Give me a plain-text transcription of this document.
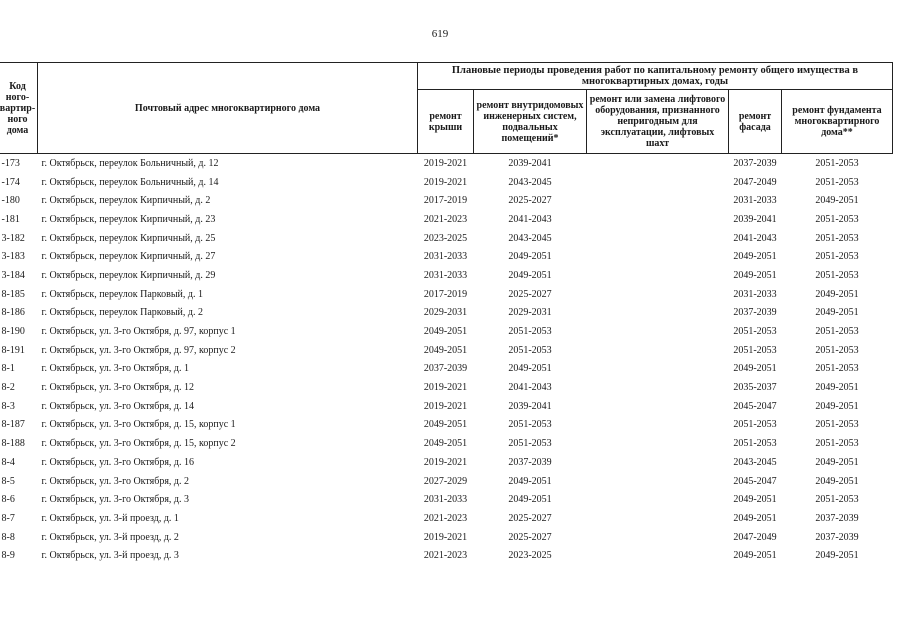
619
Код ного- вартир- ного дома	Почтовый адрес многоквартирного дома	Плановые периоды проведения работ по капитальному ремонту общего имущества в многоквартирных домах, годы				
		ремонт крыши	ремонт внутридомовых инженерных систем, подвальных помещений*	ремонт или замена лифтового оборудования, признанного непригодным для эксплуатации, лифтовых шахт	ремонт фасада	ремонт фундамента многоквартирного дома**
-173	г. Октябрьск, переулок Больничный, д. 12	2019-2021	2039-2041		2037-2039	2051-2053
-174	г. Октябрьск, переулок Больничный, д. 14	2019-2021	2043-2045		2047-2049	2051-2053
-180	г. Октябрьск, переулок Кирпичный, д. 2	2017-2019	2025-2027		2031-2033	2049-2051
-181	г. Октябрьск, переулок Кирпичный, д. 23	2021-2023	2041-2043		2039-2041	2051-2053
3-182	г. Октябрьск, переулок Кирпичный, д. 25	2023-2025	2043-2045		2041-2043	2051-2053
3-183	г. Октябрьск, переулок Кирпичный, д. 27	2031-2033	2049-2051		2049-2051	2051-2053
3-184	г. Октябрьск, переулок Кирпичный, д. 29	2031-2033	2049-2051		2049-2051	2051-2053
8-185	г. Октябрьск, переулок Парковый, д. 1	2017-2019	2025-2027		2031-2033	2049-2051
8-186	г. Октябрьск, переулок Парковый, д. 2	2029-2031	2029-2031		2037-2039	2049-2051
8-190	г. Октябрьск, ул. 3-го Октября, д. 97, корпус 1	2049-2051	2051-2053		2051-2053	2051-2053
8-191	г. Октябрьск, ул. 3-го Октября, д. 97, корпус 2	2049-2051	2051-2053		2051-2053	2051-2053
8-1	г. Октябрьск, ул. 3-го Октября, д. 1	2037-2039	2049-2051		2049-2051	2051-2053
8-2	г. Октябрьск, ул. 3-го Октября, д. 12	2019-2021	2041-2043		2035-2037	2049-2051
8-3	г. Октябрьск, ул. 3-го Октября, д. 14	2019-2021	2039-2041		2045-2047	2049-2051
8-187	г. Октябрьск, ул. 3-го Октября, д. 15, корпус 1	2049-2051	2051-2053		2051-2053	2051-2053
8-188	г. Октябрьск, ул. 3-го Октября, д. 15, корпус 2	2049-2051	2051-2053		2051-2053	2051-2053
8-4	г. Октябрьск, ул. 3-го Октября, д. 16	2019-2021	2037-2039		2043-2045	2049-2051
8-5	г. Октябрьск, ул. 3-го Октября, д. 2	2027-2029	2049-2051		2045-2047	2049-2051
8-6	г. Октябрьск, ул. 3-го Октября, д. 3	2031-2033	2049-2051		2049-2051	2051-2053
8-7	г. Октябрьск, ул. 3-й проезд, д. 1	2021-2023	2025-2027		2049-2051	2037-2039
8-8	г. Октябрьск, ул. 3-й проезд, д. 2	2019-2021	2025-2027		2047-2049	2037-2039
8-9	г. Октябрьск, ул. 3-й проезд, д. 3	2021-2023	2023-2025		2049-2051	2049-2051
